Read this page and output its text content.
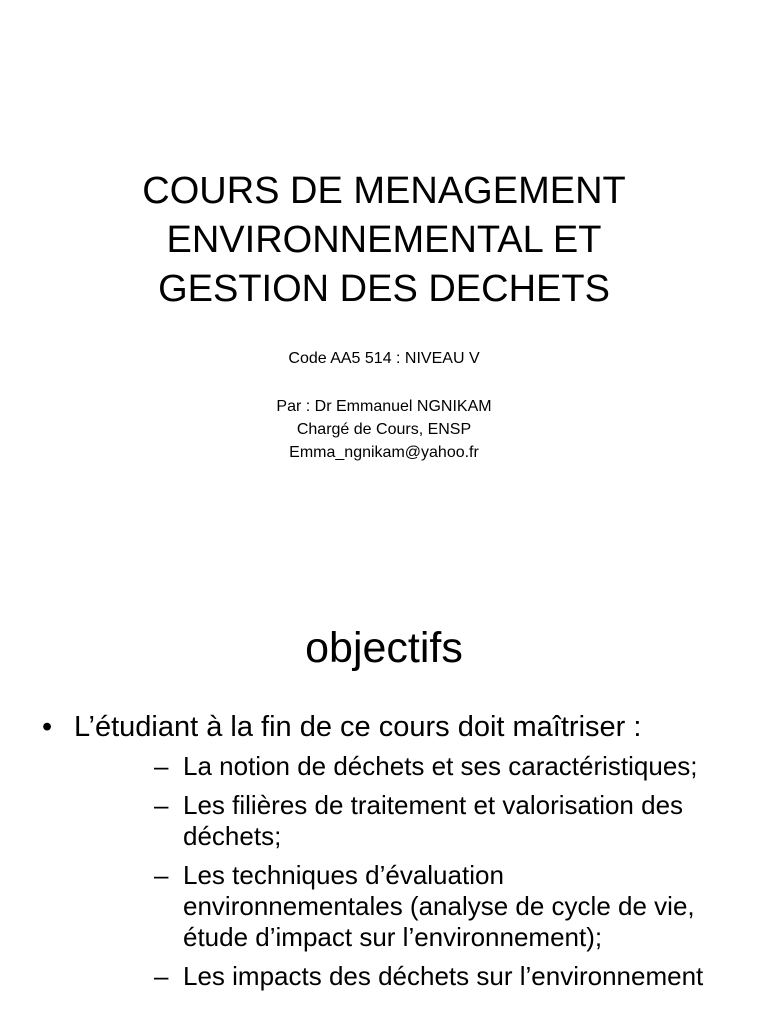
COURS DE MENAGEMENT
ENVIRONNEMENTAL ET
GESTION DES DECHETS

Code AA5 514 : NIVEAU V

Par : Dr Emmanuel NGNIKAM
Chargé de Cours, ENSP
Emma_ngnikam@yahoo.fr

objectifs
• L’étudiant à la fin de ce cours doit maîtriser :
– La notion de déchets et ses caractéristiques;
– Les filières de traitement et valorisation des déchets;
– Les techniques d’évaluation environnementales (analyse de cycle de vie, étude d’impact sur l’environnement);
– Les impacts des déchets sur l’environnement
